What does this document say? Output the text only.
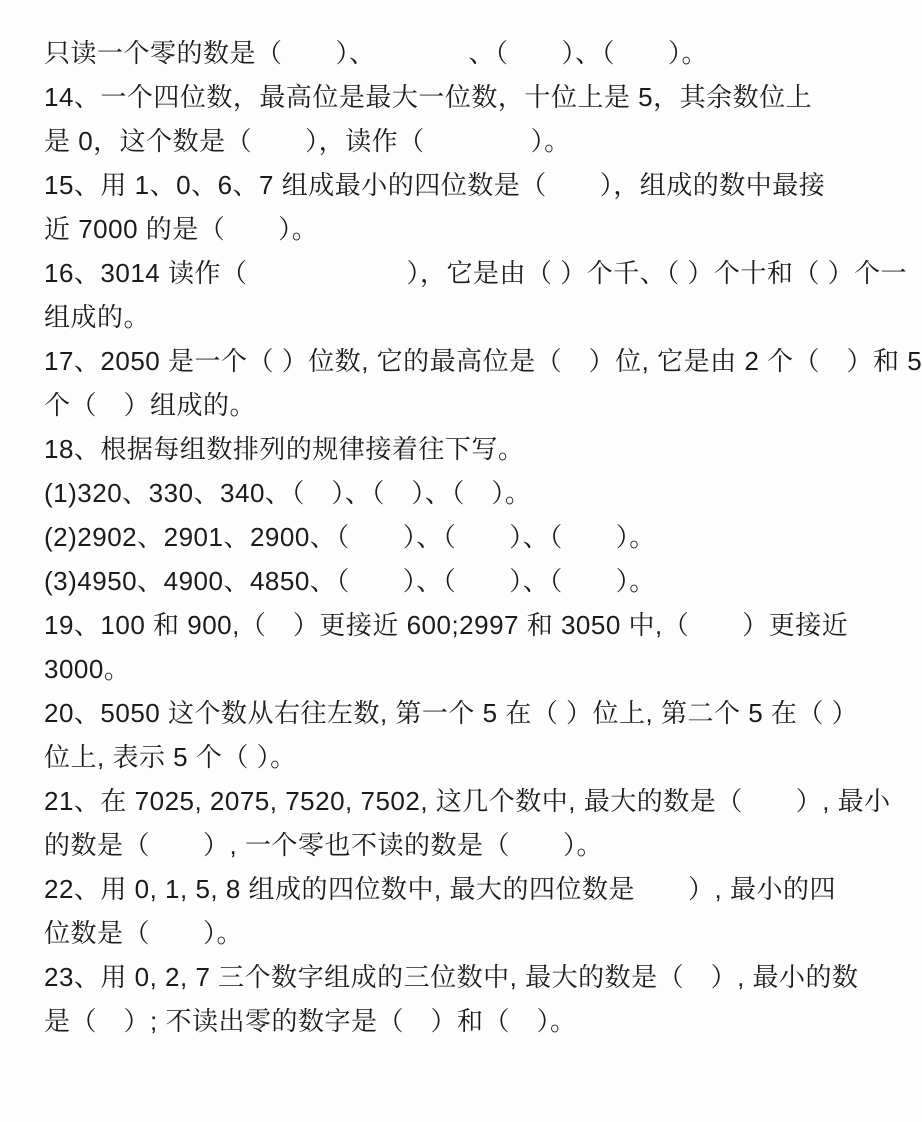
只读一个零的数是（　　）、　　　　、（　　）、（　　）。
14、一个四位数，最高位是最大一位数，十位上是 5，其余数位上
是 0，这个数是（　　），读作（　　　　）。
15、用 1、0、6、7 组成最小的四位数是（　　），组成的数中最接
近 7000 的是（　　）。
16、3014 读作（　　　　　　），它是由（ ）个千、（ ）个十和（ ）个一
组成的。
17、2050 是一个（ ）位数, 它的最高位是（　）位, 它是由 2 个（　）和 5
个（　）组成的。
18、根据每组数排列的规律接着往下写。
(1)320、330、340、（　）、（　）、（　）。
(2)2902、2901、2900、（　　）、（　　）、（　　）。
(3)4950、4900、4850、（　　）、（　　）、（　　）。
19、100 和 900,（　）更接近 600;2997 和 3050 中,（　　）更接近
3000。
20、5050 这个数从右往左数, 第一个 5 在（ ）位上, 第二个 5 在（ ）
位上, 表示 5 个（ ）。
21、在 7025, 2075, 7520, 7502, 这几个数中, 最大的数是（　　）, 最小
的数是（　　）, 一个零也不读的数是（　　）。
22、用 0, 1, 5, 8 组成的四位数中, 最大的四位数是　　）, 最小的四
位数是（　　）。
23、用 0, 2, 7 三个数字组成的三位数中, 最大的数是（　）, 最小的数
是（　）; 不读出零的数字是（　）和（　）。
